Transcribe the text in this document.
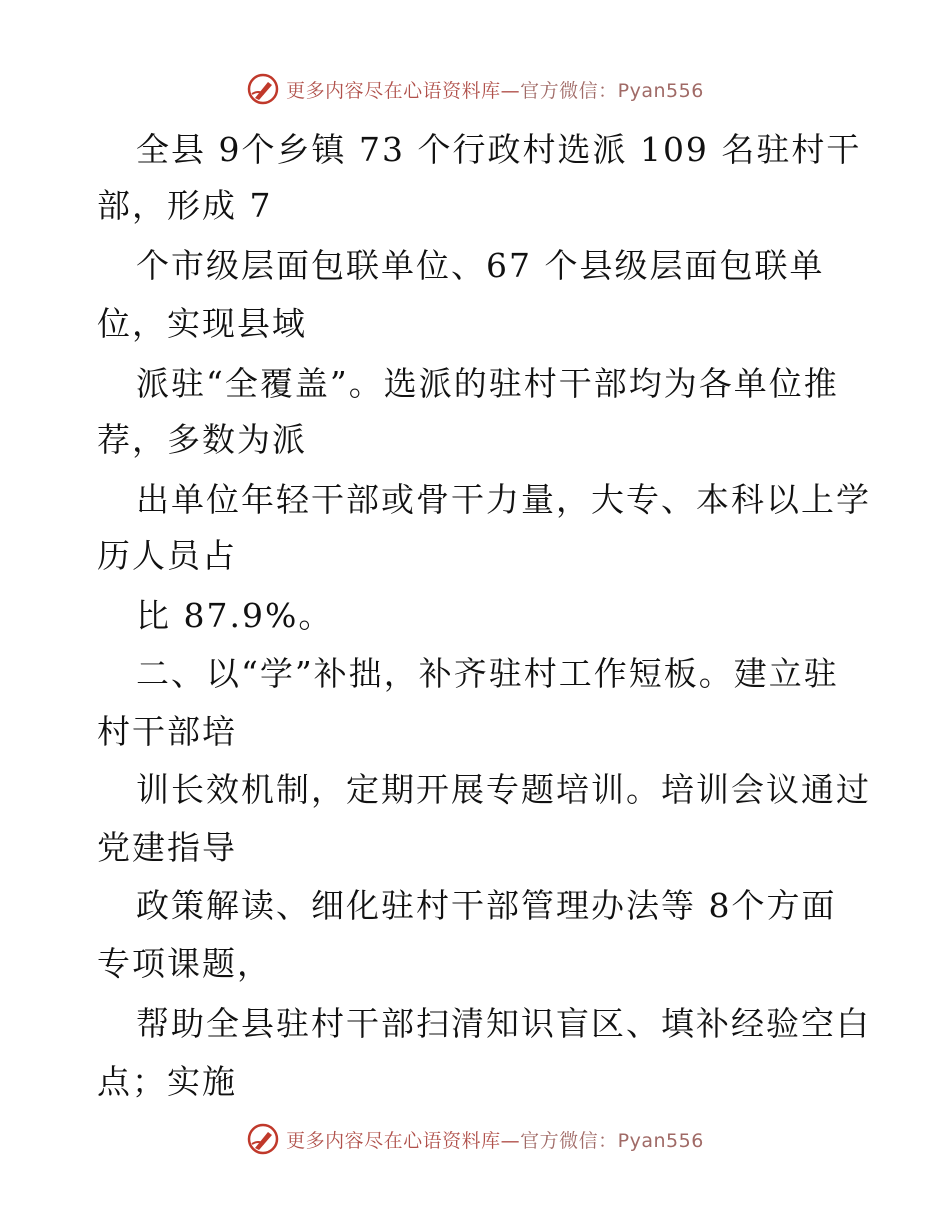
更多内容尽在心语资料库—官方微信：Pyan556
全县 9个乡镇 73 个行政村选派 109 名驻村干
部，形成 7
个市级层面包联单位、67 个县级层面包联单
位，实现县域
派驻“全覆盖”。选派的驻村干部均为各单位推
荐，多数为派
出单位年轻干部或骨干力量，大专、本科以上学
历人员占
比 87.9%。
二、以“学”补拙，补齐驻村工作短板。建立驻
村干部培
训长效机制，定期开展专题培训。培训会议通过
党建指导
政策解读、细化驻村干部管理办法等 8个方面
专项课题，
帮助全县驻村干部扫清知识盲区、填补经验空白
点；实施
更多内容尽在心语资料库—官方微信：Pyan556
